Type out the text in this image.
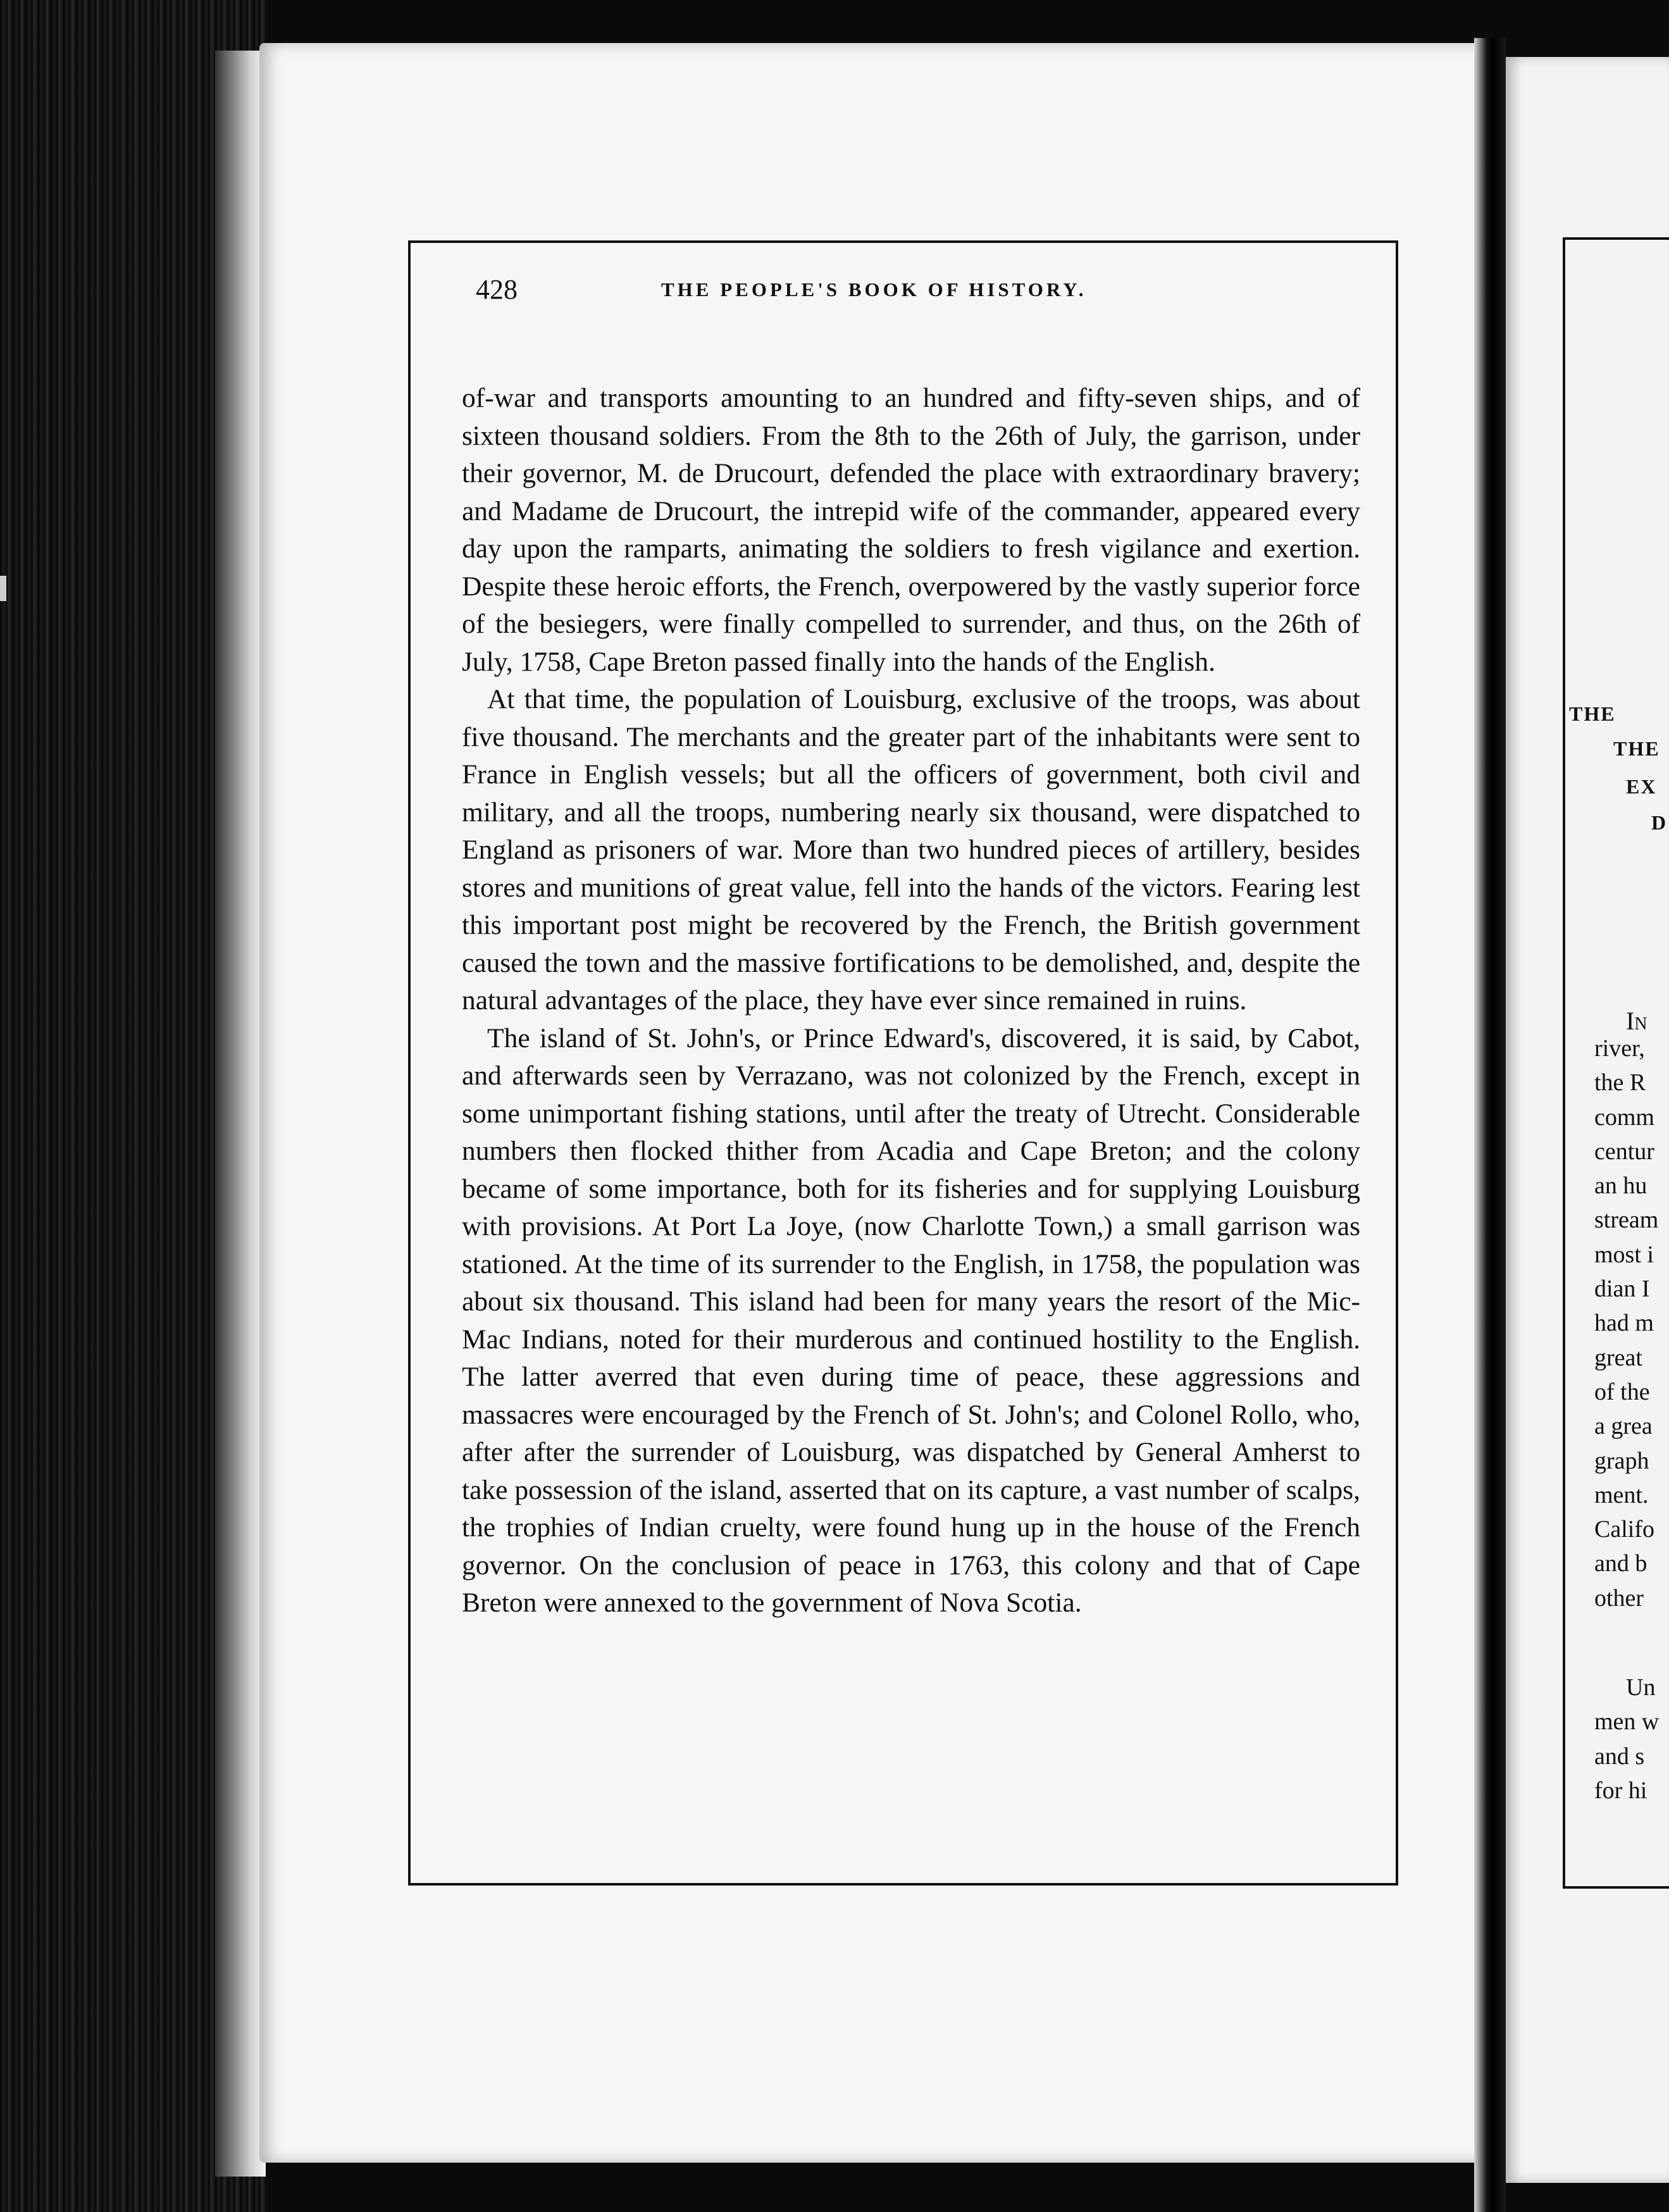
428	THE PEOPLE'S BOOK OF HISTORY.

of-war and transports amounting to an hundred and fifty-seven ships, and of sixteen thousand soldiers. From the 8th to the 26th of July, the garrison, under their governor, M. de Drucourt, defended the place with extraordinary bravery; and Madame de Drucourt, the intrepid wife of the commander, appeared every day upon the ramparts, animating the soldiers to fresh vigilance and exertion. Despite these heroic efforts, the French, overpowered by the vastly superior force of the besiegers, were finally compelled to surrender, and thus, on the 26th of July, 1758, Cape Breton passed finally into the hands of the English.

At that time, the population of Louisburg, exclusive of the troops, was about five thousand. The merchants and the greater part of the inhabitants were sent to France in English vessels; but all the officers of government, both civil and military, and all the troops, numbering nearly six thousand, were dispatched to England as prisoners of war. More than two hundred pieces of artillery, besides stores and munitions of great value, fell into the hands of the victors. Fearing lest this important post might be recovered by the French, the British government caused the town and the massive fortifications to be demolished, and, despite the natural advantages of the place, they have ever since remained in ruins.

The island of St. John's, or Prince Edward's, discovered, it is said, by Cabot, and afterwards seen by Verrazano, was not colonized by the French, except in some unimportant fishing stations, until after the treaty of Utrecht. Considerable numbers then flocked thither from Acadia and Cape Breton; and the colony became of some importance, both for its fisheries and for supplying Louisburg with provisions. At Port La Joye, (now Charlotte Town,) a small garrison was stationed. At the time of its surrender to the English, in 1758, the population was about six thousand. This island had been for many years the resort of the Mic-Mac Indians, noted for their murderous and continued hostility to the English. The latter averred that even during time of peace, these aggressions and massacres were encouraged by the French of St. John's; and Colonel Rollo, who, after after the surrender of Louisburg, was dispatched by General Amherst to take possession of the island, asserted that on its capture, a vast number of scalps, the trophies of Indian cruelty, were found hung up in the house of the French governor. On the conclusion of peace in 1763, this colony and that of Cape Breton were annexed to the government of Nova Scotia.

THE
THE
EX
D
In
river,
the R
comm
centur
an hu
stream
most i
dian I
had m
great
of the
a grea
graph
ment.
Califo
and b
other
Un
men w
and s
for hi
